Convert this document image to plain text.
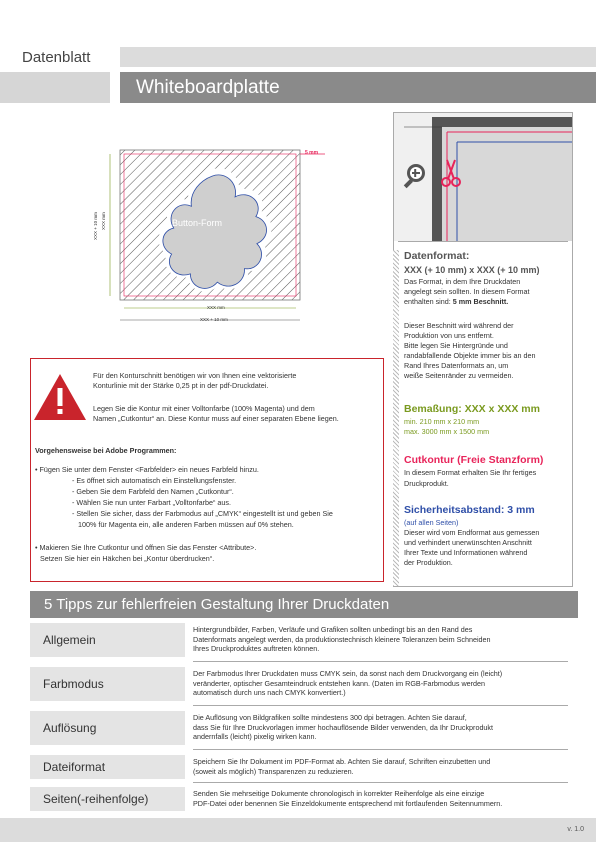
Datenblatt
Whiteboardplatte
Button-Form
5 mm
XXX mm
XXX + 10 mm
XXX mm
XXX + 10 mm
Für den Konturschnitt benötigen wir von Ihnen eine vektorisierte
Konturlinie mit der Stärke 0,25 pt in der pdf-Druckdatei.
Legen Sie die Kontur mit einer Volltonfarbe (100% Magenta) und dem
Namen „Cutkontur“ an. Diese Kontur muss auf einer separaten Ebene liegen.
Vorgehensweise bei Adobe Programmen:
• Fügen Sie unter dem Fenster <Farbfelder> ein neues Farbfeld hinzu.
- Es öffnet sich automatisch ein Einstellungsfenster.
- Geben Sie dem Farbfeld den Namen „Cutkontur“.
- Wählen Sie nun unter Farbart „Volltonfarbe“ aus.
- Stellen Sie sicher, dass der Farbmodus auf „CMYK“ eingestellt ist und geben Sie
100% für Magenta ein, alle anderen Farben müssen auf 0% stehen.
• Makieren Sie Ihre Cutkontur und öffnen Sie das Fenster <Attribute>.
Setzen Sie hier ein Häkchen bei „Kontur überdrucken“.
Datenformat:
XXX (+ 10 mm) x XXX (+ 10 mm)
Das Format, in dem Ihre Druckdaten
angelegt sein sollten. In diesem Format
enthalten sind: 5 mm Beschnitt.
Dieser Beschnitt wird während der
Produktion von uns entfernt.
Bitte legen Sie Hintergründe und
randabfallende Objekte immer bis an den
Rand Ihres Datenformats an, um
weiße Seitenränder zu vermeiden.
Bemaßung: XXX x XXX mm
min. 210 mm x 210 mm
max. 3000 mm x 1500 mm
Cutkontur (Freie Stanzform)
In diesem Format erhalten Sie Ihr fertiges
Druckprodukt.
Sicherheitsabstand: 3 mm
(auf allen Seiten)
Dieser wird vom Endformat aus gemessen
und verhindert unerwünschten Anschnitt
Ihrer Texte und Informationen während
der Produktion.
5 Tipps zur fehlerfreien Gestaltung Ihrer Druckdaten
Allgemein
Hintergrundbilder, Farben, Verläufe und Grafiken sollten unbedingt bis an den Rand des
Datenformats angelegt werden, da produktionstechnisch kleinere Toleranzen beim Schneiden
Ihres Druckproduktes auftreten können.
Farbmodus
Der Farbmodus Ihrer Druckdaten muss CMYK sein, da sonst nach dem Druckvorgang ein (leicht)
veränderter, optischer Gesamteindruck entstehen kann. (Daten im RGB-Farbmodus werden
automatisch durch uns nach CMYK konvertiert.)
Auflösung
Die Auflösung von Bildgrafiken sollte mindestens 300 dpi betragen. Achten Sie darauf,
dass Sie für Ihre Druckvorlagen immer hochauflösende Bilder verwenden, da Ihr Druckprodukt
andernfalls (leicht) pixelig wirken kann.
Dateiformat	Speichern Sie Ihr Dokument im PDF-Format ab. Achten Sie darauf, Schriften einzubetten und
(soweit als möglich) Transparenzen zu reduzieren.
Seiten(-reihenfolge)	Senden Sie mehrseitige Dokumente chronologisch in korrekter Reihenfolge als eine einzige
PDF-Datei oder benennen Sie Einzeldokumente entsprechend mit fortlaufenden Seitennummern.
v. 1.0
